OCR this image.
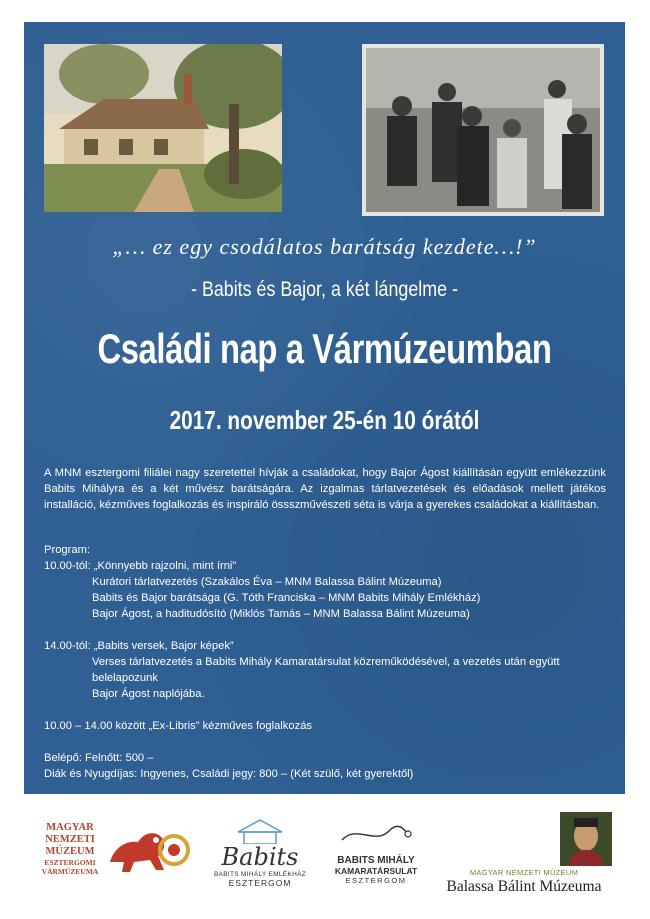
„… ez egy csodálatos barátság kezdete…!”
- Babits és Bajor, a két lángelme -
Családi nap a Vármúzeumban
2017. november 25-én 10 órától
A MNM esztergomi filiálei nagy szeretettel hívják a családokat, hogy Bajor Ágost kiállításán együtt emlékezzünk Babits Mihályra és a két művész barátságára. Az izgalmas tárlatvezetések és előadások mellett játékos installáció, kézműves foglalkozás és inspiráló össszművészeti séta is várja a gyerekes családokat a kiállításban.
Program:
10.00-tól: „Könnyebb rajzolni, mint írni”
Kurátori tárlatvezetés (Szakálos Éva – MNM Balassa Bálint Múzeuma)
Babits és Bajor barátsága (G. Tóth Franciska – MNM Babits Mihály Emlékház)
Bajor Ágost, a haditudósító (Miklós Tamás – MNM Balassa Bálint Múzeuma)
14.00-tól: „Babits versek, Bajor képek”
Verses tárlatvezetés a Babits Mihály Kamaratársulat közreműködésével, a vezetés után együtt belelapozunk
Bajor Ágost naplójába.
10.00 – 14.00 között „Ex-Libris” kézműves foglalkozás
Belépő: Felnőtt: 500 –
Diák és Nyugdíjas: Ingyenes, Családi jegy: 800 – (Két szülő, két gyerektől)
MAGYAR
NEMZETI
MÚZEUM
ESZTERGOMI
VÁRMÚZEUMA
Babits
BABITS MIHÁLY EMLÉKHÁZ
ESZTERGOM
BABITS MIHÁLY
KAMARATÁRSULAT
ESZTERGOM
MAGYAR NEMZETI MÚZEUM
Balassa Bálint Múzeuma
